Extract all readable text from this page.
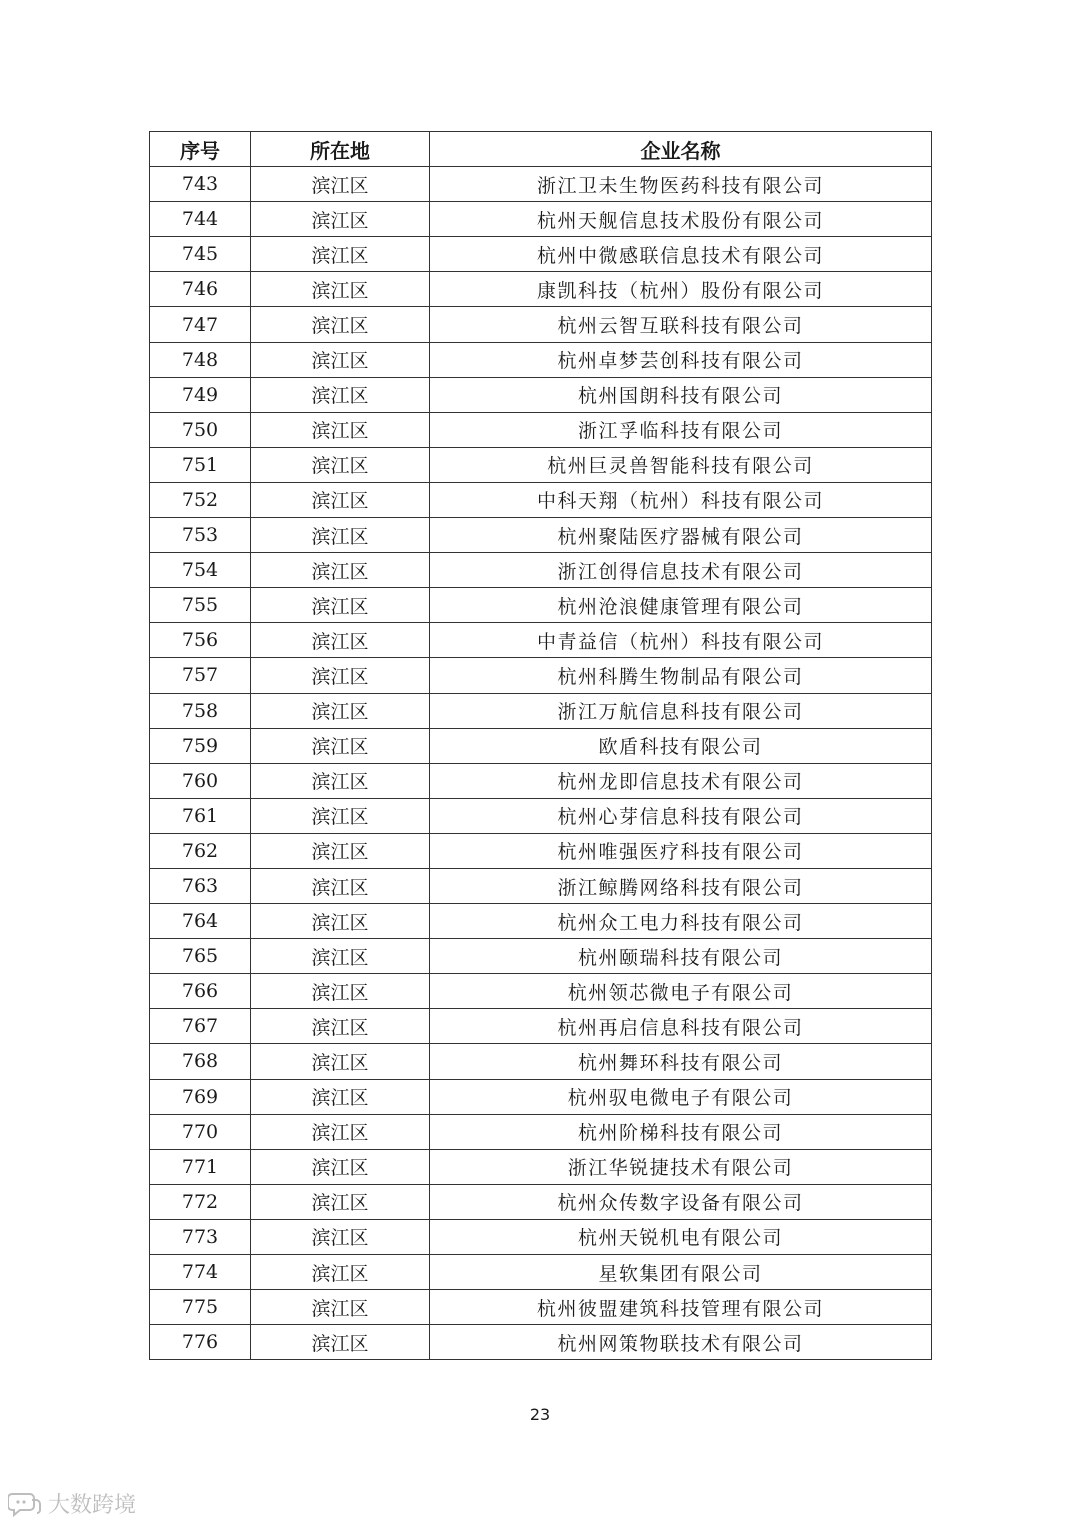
序号	所在地	企业名称
743	滨江区	浙江卫未生物医药科技有限公司
744	滨江区	杭州天舰信息技术股份有限公司
745	滨江区	杭州中微感联信息技术有限公司
746	滨江区	康凯科技（杭州）股份有限公司
747	滨江区	杭州云智互联科技有限公司
748	滨江区	杭州卓梦芸创科技有限公司
749	滨江区	杭州国朗科技有限公司
750	滨江区	浙江孚临科技有限公司
751	滨江区	杭州巨灵兽智能科技有限公司
752	滨江区	中科天翔（杭州）科技有限公司
753	滨江区	杭州聚陆医疗器械有限公司
754	滨江区	浙江创得信息技术有限公司
755	滨江区	杭州沧浪健康管理有限公司
756	滨江区	中青益信（杭州）科技有限公司
757	滨江区	杭州科腾生物制品有限公司
758	滨江区	浙江万航信息科技有限公司
759	滨江区	欧盾科技有限公司
760	滨江区	杭州龙即信息技术有限公司
761	滨江区	杭州心芽信息科技有限公司
762	滨江区	杭州唯强医疗科技有限公司
763	滨江区	浙江鲸腾网络科技有限公司
764	滨江区	杭州众工电力科技有限公司
765	滨江区	杭州颐瑞科技有限公司
766	滨江区	杭州领芯微电子有限公司
767	滨江区	杭州再启信息科技有限公司
768	滨江区	杭州舞环科技有限公司
769	滨江区	杭州驭电微电子有限公司
770	滨江区	杭州阶梯科技有限公司
771	滨江区	浙江华锐捷技术有限公司
772	滨江区	杭州众传数字设备有限公司
773	滨江区	杭州天锐机电有限公司
774	滨江区	星软集团有限公司
775	滨江区	杭州彼盟建筑科技管理有限公司
776	滨江区	杭州网策物联技术有限公司
23
大数跨境
